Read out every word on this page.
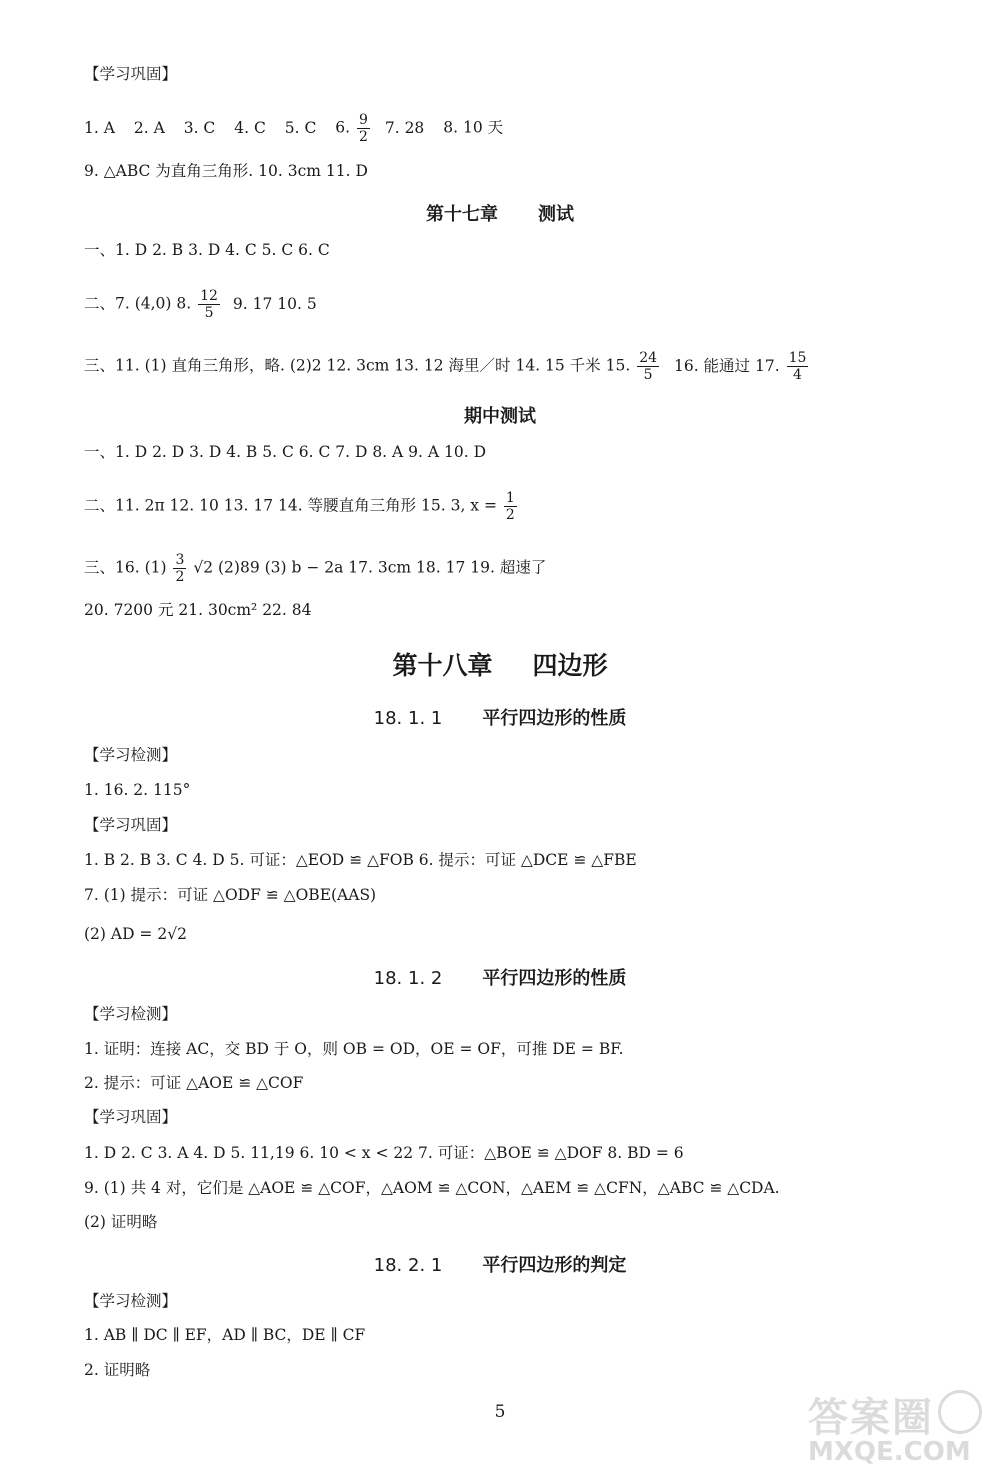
【学习巩固】
1. A 2. A 3. C 4. C 5. C 6. $\frac{9}{2} 7$. 28 8. 10 天
9. △ABC 为直角三角形. 10. 3cm 11. D
第十七章 测试
一、1. D 2. B 3. D 4. C 5. C 6. C
二、7. (4,0) 8. $\frac{12}{5} 9$. 17 10. 5
三、11. (1) 直角三角形，略. (2)2 12. 3cm 13. 12 海里／时 14. 15 千米 15. $\frac{24}{5} 16$. 能通过 17. $\frac{15}{4}$
期中测试
一、1. D 2. D 3. D 4. B 5. C 6. C 7. D 8. A 9. A 10. D
二、11. 2π 12. 10 13. 17 14. 等腰直角三角形 15. 3, $x = \frac{1}{2}$
三、16. $(1) \frac{3}{2} √2$ (2)89 (3) b − 2a 17. 3cm 18. 17 19. 超速了
20. 7200 元 21. 30cm² 22. 84
第十八章 四边形
18. 1. 1 平行四边形的性质
【学习检测】
1. 16. 2. 115°
【学习巩固】
1. B 2. B 3. C 4. D 5. 可证：△EOD ≌ △FOB 6. 提示：可证 △DCE ≌ △FBE
7. (1) 提示：可证 △ODF ≌ △OBE(AAS)
(2) AD = 2√2
18. 1. 2 平行四边形的性质
【学习检测】
1. 证明：连接 AC，交 BD 于 O，则 OB = OD，OE = OF，可推 DE = BF.
2. 提示：可证 △AOE ≌ △COF
【学习巩固】
1. D 2. C 3. A 4. D 5. 11,19 6. 10 < x < 22 7. 可证：△BOE ≌ △DOF 8. BD = 6
9. (1) 共 4 对，它们是 △AOE ≌ △COF，△AOM ≌ △CON，△AEM ≌ △CFN，△ABC ≌ △CDA.
(2) 证明略
18. 2. 1 平行四边形的判定
【学习检测】
1. AB ∥ DC ∥ EF，AD ∥ BC，DE ∥ CF
2. 证明略
5	答案圈
MXQE.COM
